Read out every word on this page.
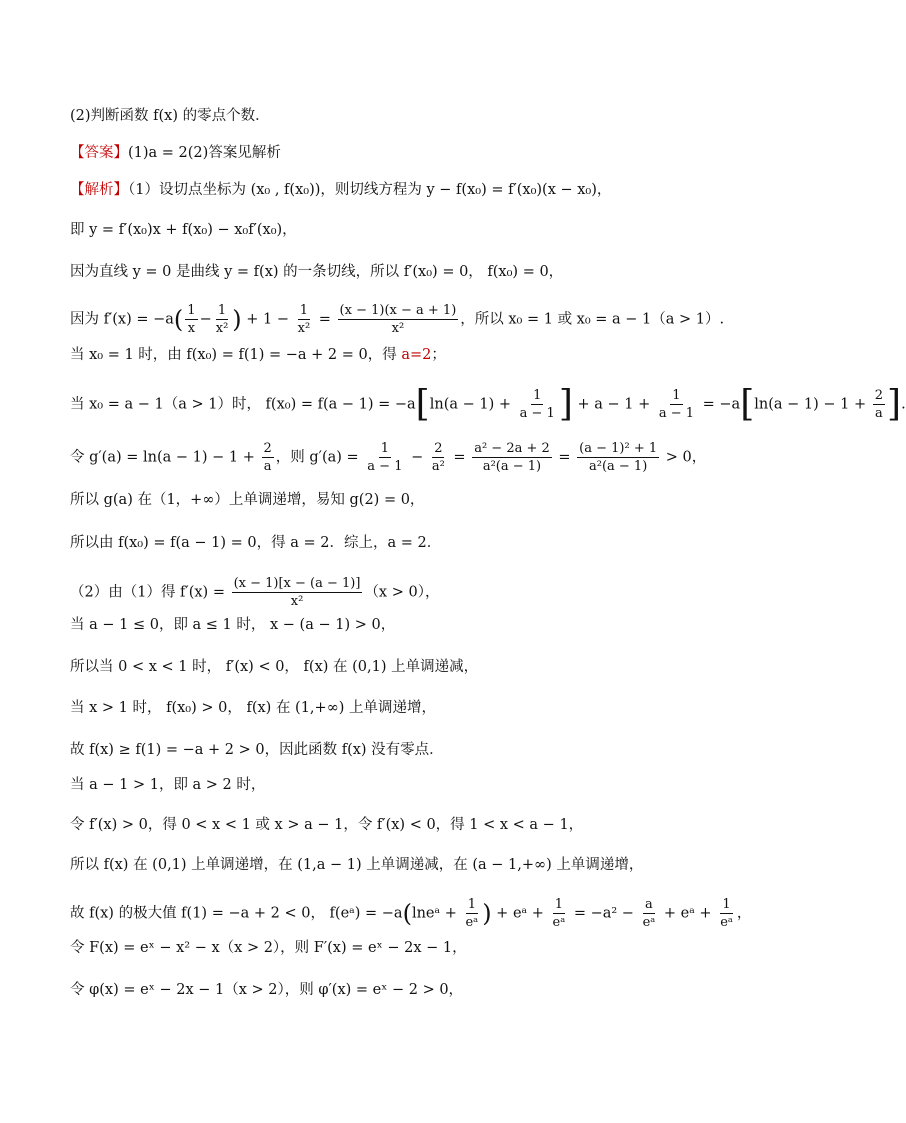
(2)判断函数 f(x) 的零点个数．
【答案】(1)a = 2(2)答案见解析
【解析】（1）设切点坐标为 (x₀ , f(x₀))，则切线方程为 y − f(x₀) = f′(x₀)(x − x₀)，
即 y = f′(x₀)x + f(x₀) − x₀f′(x₀)，
因为直线 y = 0 是曲线 y = f(x) 的一条切线，所以 f′(x₀) = 0， f(x₀) = 0，
因为 $f'(x) = -a( \frac{1}{x} - \frac{1}{\text{x²}}$ ) + $1 - \frac{1}{\text{x²}} = \frac{(x - 1)(x - a + 1)}{\text{x²}}$ ，所以 x₀ = 1 或 x₀ = a − 1（a > 1）.
当 x₀ = 1 时，由 f(x₀) = f(1) = −a + 2 = 0，得 a=2；
当 x₀ = a − 1（a > 1）时， $f(x_0) = f(a - 1) = -a[\ln(a - 1) + \frac{1}{a - 1}$ ] + $a - 1 + \frac{1}{a - 1} = -a[\ln(a - 1) - 1 + \frac{2}{a}$ ].
令 $g'(a) = \ln(a - 1) - 1 + \frac{2}{a}$ ，则 $g'(a) = \frac{1}{a - 1} - \frac{2}{\text{a²}} = \frac{\text{a² − 2a + 2}}{\text{a²(a − 1)}} = \frac{\text{(a − 1)² + 1}}{\text{a²(a − 1)}} > 0$，
所以 g(a) 在（1，+∞）上单调递增，易知 g(2) = 0，
所以由 f(x₀) = f(a − 1) = 0，得 a = 2．综上，a = 2．
（2）由（1）得 $f'(x) = \frac{(x - 1)[x - (a - 1)]}{\text{x²}} (x > 0)$，
当 a − 1 ≤ 0，即 a ≤ 1 时， x − (a − 1) > 0，
所以当 0 < x < 1 时， f′(x) < 0， f(x) 在 (0,1) 上单调递减，
当 x > 1 时， f(x₀) > 0， f(x) 在 (1,+∞) 上单调递增，
故 f(x) ≥ f(1) = −a + 2 > 0，因此函数 f(x) 没有零点．
当 a − 1 > 1，即 a > 2 时，
令 f′(x) > 0，得 0 < x < 1 或 x > a − 1，令 f′(x) < 0，得 1 < x < a − 1，
所以 f(x) 在 (0,1) 上单调递增，在 (1,a − 1) 上单调递减，在 (a − 1,+∞) 上单调递增，
故 f(x) 的极大值 f(1) = −a + 2 < 0， f(eᵃ) = −a(lneᵃ + $\frac{1}{\text{eᵃ}}$ ) + eᵃ + $\frac{1}{\text{eᵃ}} = -a^2 - \frac{a}{\text{eᵃ}}$ + eᵃ + $\frac{1}{\text{eᵃ}}$ ，
令 F(x) = eˣ − x² − x（x > 2），则 F′(x) = eˣ − 2x − 1，
令 φ(x) = eˣ − 2x − 1（x > 2），则 φ′(x) = eˣ − 2 > 0，
